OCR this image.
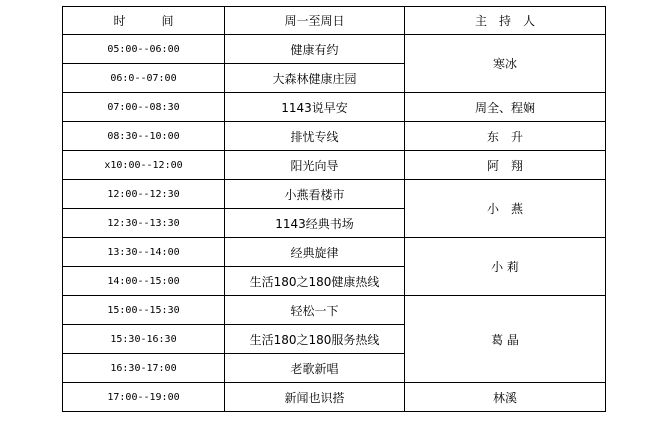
时　　　间	周一至周日	主　持　人
05:00--06:00	健康有约	寒冰
06:0--07:00	大森林健康庄园	
07:00--08:30	1143说早安	周全、程娴
08:30--10:00	排忧专线	东　升
x10:00--12:00	阳光向导	阿　翔
12:00--12:30	小燕看楼市	小　燕
12:30--13:30	1143经典书场	
13:30--14:00	经典旋律	小 莉
14:00--15:00	生活180之180健康热线	
15:00--15:30	轻松一下	葛 晶
15:30-16:30	生活180之180服务热线	
16:30-17:00	老歌新唱	
17:00--19:00	新闻也识搭	林溪
